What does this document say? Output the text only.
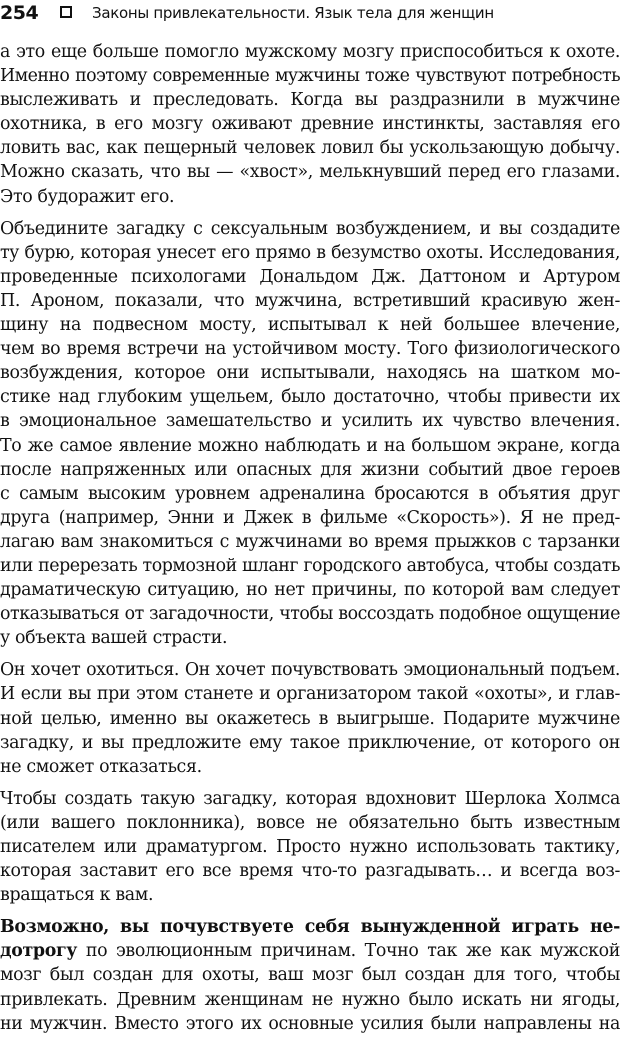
254	Законы привлекательности. Язык тела для женщин
а это еще больше помогло мужскому мозгу приспособиться к охоте.
Именно поэтому современные мужчины тоже чувствуют потребность
выслеживать и преследовать. Когда вы раздразнили в мужчине
охотника, в его мозгу оживают древние инстинкты, заставляя его
ловить вас, как пещерный человек ловил бы ускользающую добычу.
Можно сказать, что вы — «хвост», мелькнувший перед его глазами.
Это будоражит его.
Объедините загадку с сексуальным возбуждением, и вы создадите
ту бурю, которая унесет его прямо в безумство охоты. Исследования,
проведенные психологами Дональдом Дж. Даттоном и Артуром
П. Ароном, показали, что мужчина, встретивший красивую жен-
щину на подвесном мосту, испытывал к ней большее влечение,
чем во время встречи на устойчивом мосту. Того физиологического
возбуждения, которое они испытывали, находясь на шатком мо-
стике над глубоким ущельем, было достаточно, чтобы привести их
в эмоциональное замешательство и усилить их чувство влечения.
То же самое явление можно наблюдать и на большом экране, когда
после напряженных или опасных для жизни событий двое героев
с самым высоким уровнем адреналина бросаются в объятия друг
друга (например, Энни и Джек в фильме «Скорость»). Я не пред-
лагаю вам знакомиться с мужчинами во время прыжков с тарзанки
или перерезать тормозной шланг городского автобуса, чтобы создать
драматическую ситуацию, но нет причины, по которой вам следует
отказываться от загадочности, чтобы воссоздать подобное ощущение
у объекта вашей страсти.
Он хочет охотиться. Он хочет почувствовать эмоциональный подъем.
И если вы при этом станете и организатором такой «охоты», и глав-
ной целью, именно вы окажетесь в выигрыше. Подарите мужчине
загадку, и вы предложите ему такое приключение, от которого он
не сможет отказаться.
Чтобы создать такую загадку, которая вдохновит Шерлока Холмса
(или вашего поклонника), вовсе не обязательно быть известным
писателем или драматургом. Просто нужно использовать тактику,
которая заставит его все время что-то разгадывать… и всегда воз-
вращаться к вам.
Возможно, вы почувствуете себя вынужденной играть не-
дотрогу по эволюционным причинам. Точно так же как мужской
мозг был создан для охоты, ваш мозг был создан для того, чтобы
привлекать. Древним женщинам не нужно было искать ни ягоды,
ни мужчин. Вместо этого их основные усилия были направлены на
